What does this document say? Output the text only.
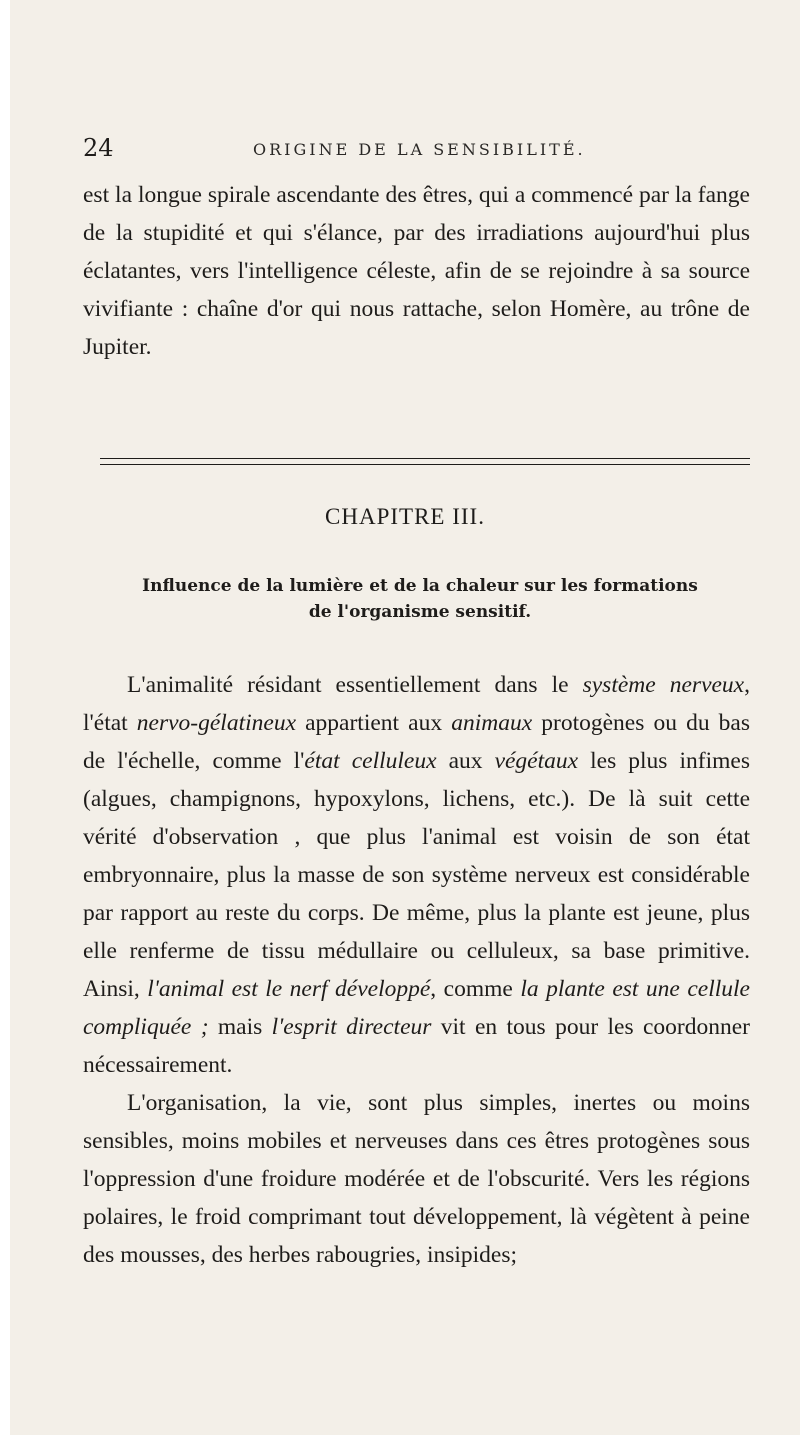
24	ORIGINE DE LA SENSIBILITÉ.

est la longue spirale ascendante des êtres, qui a commencé par la fange de la stupidité et qui s'élance, par des irradiations aujourd'hui plus éclatantes, vers l'intelligence céleste, afin de se rejoindre à sa source vivifiante : chaîne d'or qui nous rattache, selon Homère, au trône de Jupiter.

CHAPITRE III.
Influence de la lumière et de la chaleur sur les formations
de l'organisme sensitif.

L'animalité résidant essentiellement dans le système nerveux, l'état nervo-gélatineux appartient aux animaux protogènes ou du bas de l'échelle, comme l'état celluleux aux végétaux les plus infimes (algues, champignons, hypoxylons, lichens, etc.). De là suit cette vérité d'observation , que plus l'animal est voisin de son état embryonnaire, plus la masse de son système nerveux est considérable par rapport au reste du corps. De même, plus la plante est jeune, plus elle renferme de tissu médullaire ou celluleux, sa base primitive. Ainsi, l'animal est le nerf développé, comme la plante est une cellule compliquée ; mais l'esprit directeur vit en tous pour les coordonner nécessairement.

L'organisation, la vie, sont plus simples, inertes ou moins sensibles, moins mobiles et nerveuses dans ces êtres protogènes sous l'oppression d'une froidure modérée et de l'obscurité. Vers les régions polaires, le froid comprimant tout développement, là végètent à peine des mousses, des herbes rabougries, insipides;
